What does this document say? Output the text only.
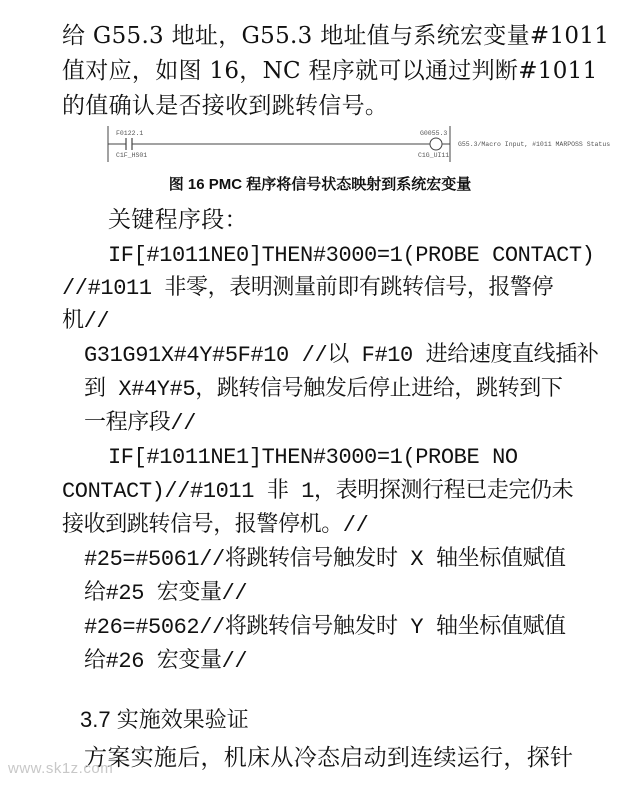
给 G55.3 地址，G55.3 地址值与系统宏变量#1011
值对应，如图 16，NC 程序就可以通过判断#1011
的值确认是否接收到跳转信号。
F0122.1
C1F_HS01
G0055.3
C1G_UI11
G55.3/Macro Input, #1011 MARPOSS Status
图 16 PMC 程序将信号状态映射到系统宏变量
关键程序段：
IF[#1011NE0]THEN#3000=1(PROBE CONTACT)
//#1011 非零，表明测量前即有跳转信号，报警停
机//
G31G91X#4Y#5F#10 //以 F#10 进给速度直线插补
到 X#4Y#5，跳转信号触发后停止进给，跳转到下
一程序段//
IF[#1011NE1]THEN#3000=1(PROBE NO
CONTACT)//#1011 非 1，表明探测行程已走完仍未
接收到跳转信号，报警停机。//
#25=#5061//将跳转信号触发时 X 轴坐标值赋值
给#25 宏变量//
#26=#5062//将跳转信号触发时 Y 轴坐标值赋值
给#26 宏变量//
3.7 实施效果验证
方案实施后，机床从冷态启动到连续运行，探针
www.sk1z.com
